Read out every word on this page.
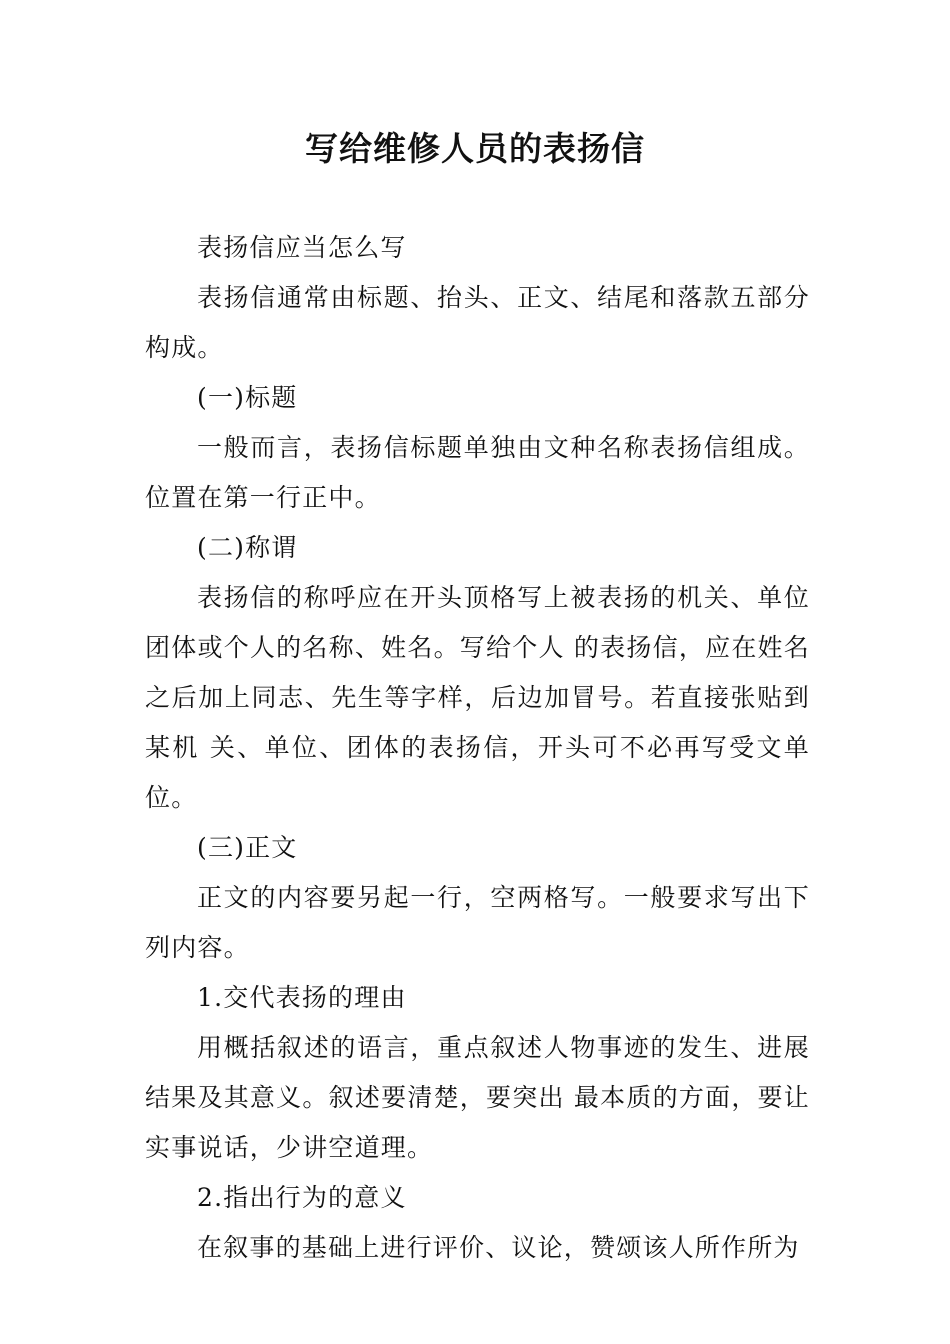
写给维修人员的表扬信

表扬信应当怎么写

表扬信通常由标题、抬头、正文、结尾和落款五部分构成。

(一)标题

一般而言，表扬信标题单独由文种名称表扬信组成。位置在第一行正中。

(二)称谓

表扬信的称呼应在开头顶格写上被表扬的机关、单位团体或个人的名称、姓名。写给个人 的表扬信，应在姓名之后加上同志、先生等字样，后边加冒号。若直接张贴到某机 关、单位、团体的表扬信，开头可不必再写受文单位。

(三)正文

正文的内容要另起一行，空两格写。一般要求写出下列内容。

1.交代表扬的理由

用概括叙述的语言，重点叙述人物事迹的发生、进展结果及其意义。叙述要清楚，要突出 最本质的方面，要让实事说话，少讲空道理。

2.指出行为的意义

在叙事的基础上进行评价、议论，赞颂该人所作所为
